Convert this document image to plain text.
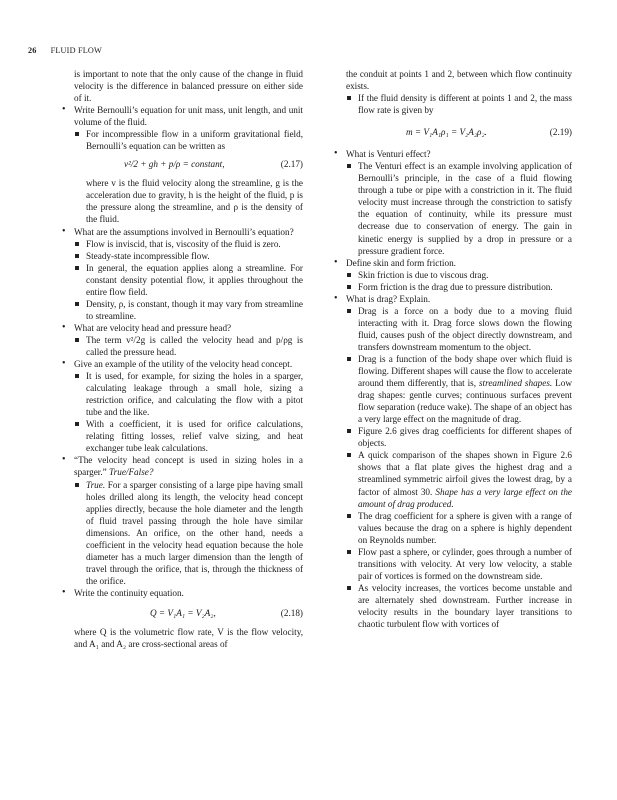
26 FLUID FLOW

is important to note that the only cause of the change in fluid velocity is the difference in balanced pressure on either side of it.

• Write Bernoulli’s equation for unit mass, unit length, and unit volume of the fluid.

For incompressible flow in a uniform gravitational field, Bernoulli’s equation can be written as

v²/2 + gh + p/ρ = constant,	(2.17)

where v is the fluid velocity along the streamline, g is the acceleration due to gravity, h is the height of the fluid, p is the pressure along the streamline, and ρ is the density of the fluid.

• What are the assumptions involved in Bernoulli’s equation?

Flow is inviscid, that is, viscosity of the fluid is zero.

Steady-state incompressible flow.

In general, the equation applies along a streamline. For constant density potential flow, it applies throughout the entire flow field.

Density, ρ, is constant, though it may vary from streamline to streamline.

• What are velocity head and pressure head?

The term v²/2g is called the velocity head and p/ρg is called the pressure head.

• Give an example of the utility of the velocity head concept.

It is used, for example, for sizing the holes in a sparger, calculating leakage through a small hole, sizing a restriction orifice, and calculating the flow with a pitot tube and the like.

With a coefficient, it is used for orifice calculations, relating fitting losses, relief valve sizing, and heat exchanger tube leak calculations.

• “The velocity head concept is used in sizing holes in a sparger.” True/False?

True. For a sparger consisting of a large pipe having small holes drilled along its length, the velocity head concept applies directly, because the hole diameter and the length of fluid travel passing through the hole have similar dimensions. An orifice, on the other hand, needs a coefficient in the velocity head equation because the hole diameter has a much larger dimension than the length of travel through the orifice, that is, through the thickness of the orifice.

• Write the continuity equation.

Q = V₁A₁ = V₂A₂,	(2.18)

where Q is the volumetric flow rate, V is the flow velocity, and A₁ and A₂ are cross-sectional areas of

the conduit at points 1 and 2, between which flow continuity exists.

If the fluid density is different at points 1 and 2, the mass flow rate is given by

m = V₁A₁ρ₁ = V₂A₂ρ₂.	(2.19)

• What is Venturi effect?

The Venturi effect is an example involving application of Bernoulli’s principle, in the case of a fluid flowing through a tube or pipe with a constriction in it. The fluid velocity must increase through the constriction to satisfy the equation of continuity, while its pressure must decrease due to conservation of energy. The gain in kinetic energy is supplied by a drop in pressure or a pressure gradient force.

• Define skin and form friction.

Skin friction is due to viscous drag.

Form friction is the drag due to pressure distribution.

• What is drag? Explain.

Drag is a force on a body due to a moving fluid interacting with it. Drag force slows down the flowing fluid, causes push of the object directly downstream, and transfers downstream momentum to the object.

Drag is a function of the body shape over which fluid is flowing. Different shapes will cause the flow to accelerate around them differently, that is, streamlined shapes. Low drag shapes: gentle curves; continuous surfaces prevent flow separation (reduce wake). The shape of an object has a very large effect on the magnitude of drag.

Figure 2.6 gives drag coefficients for different shapes of objects.

A quick comparison of the shapes shown in Figure 2.6 shows that a flat plate gives the highest drag and a streamlined symmetric airfoil gives the lowest drag, by a factor of almost 30. Shape has a very large effect on the amount of drag produced.

The drag coefficient for a sphere is given with a range of values because the drag on a sphere is highly dependent on Reynolds number.

Flow past a sphere, or cylinder, goes through a number of transitions with velocity. At very low velocity, a stable pair of vortices is formed on the downstream side.

As velocity increases, the vortices become unstable and are alternately shed downstream. Further increase in velocity results in the boundary layer transitions to chaotic turbulent flow with vortices of
